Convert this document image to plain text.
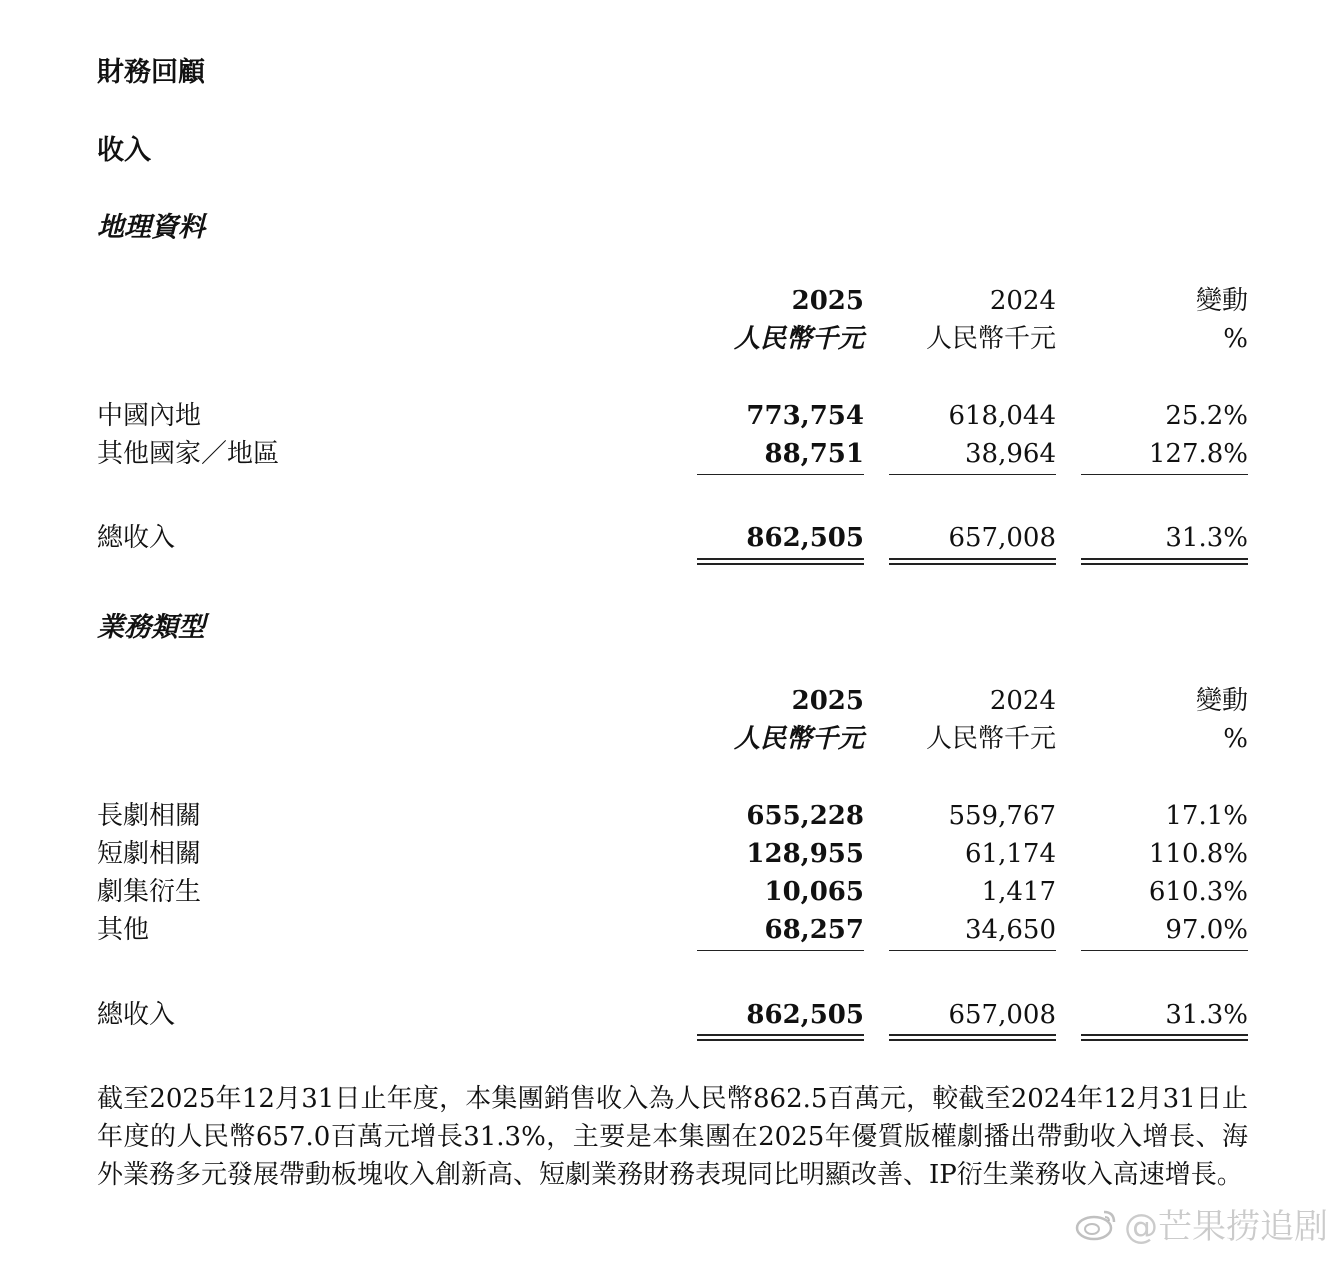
財務回顧
收入
地理資料
2025	2024	變動
人民幣千元	人民幣千元	%
中國內地	773,754	618,044	25.2%
其他國家／地區	88,751	38,964	127.8%
總收入	862,505	657,008	31.3%
業務類型
2025	2024	變動
人民幣千元	人民幣千元	%
長劇相關	655,228	559,767	17.1%
短劇相關	128,955	61,174	110.8%
劇集衍生	10,065	1,417	610.3%
其他	68,257	34,650	97.0%
總收入	862,505	657,008	31.3%

截至2025年12月31日止年度，本集團銷售收入為人民幣862.5百萬元，較截至2024年12月31日止年度的人民幣657.0百萬元增長31.3%，主要是本集團在2025年優質版權劇播出帶動收入增長、海外業務多元發展帶動板塊收入創新高、短劇業務財務表現同比明顯改善、IP衍生業務收入高速增長。

@芒果捞追剧
